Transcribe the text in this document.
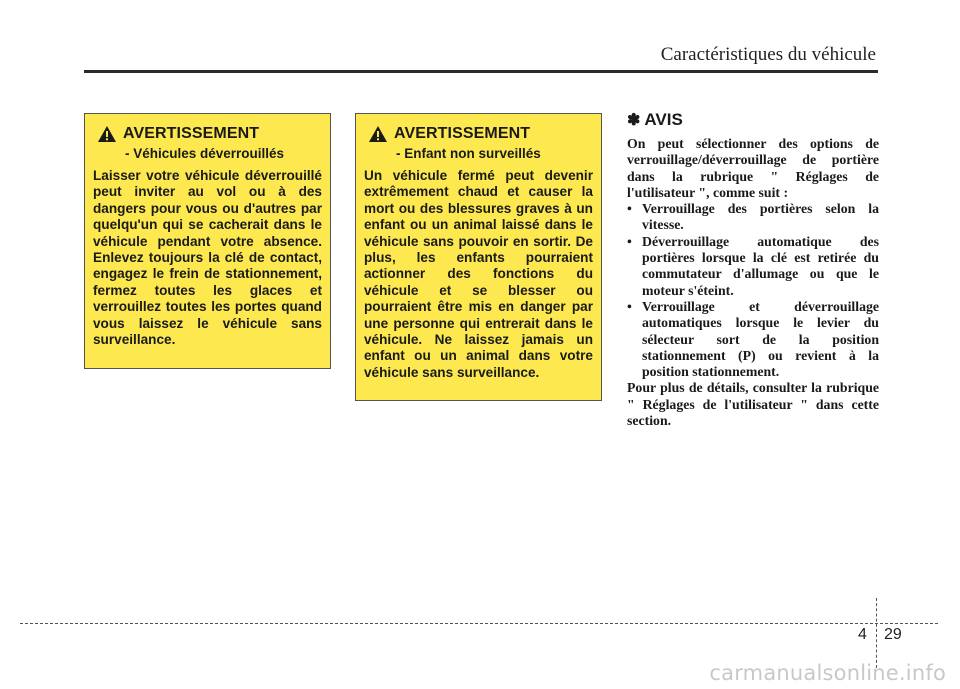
Caractéristiques du véhicule
AVERTISSEMENT
- Véhicules déverrouillés
Laisser votre véhicule déverrouillé peut inviter au vol ou à des dangers pour vous ou d'autres par quelqu'un qui se cacherait dans le véhicule pendant votre absence. Enlevez toujours la clé de contact, engagez le frein de stationnement, fermez toutes les glaces et verrouillez toutes les portes quand vous laissez le véhicule sans surveillance.
AVERTISSEMENT
- Enfant non surveillés
Un véhicule fermé peut devenir extrêmement chaud et causer la mort ou des blessures graves à un enfant ou un animal laissé dans le véhicule sans pouvoir en sortir. De plus, les enfants pourraient actionner des fonctions du véhicule et se blesser ou pourraient être mis en danger par une personne qui entrerait dans le véhicule. Ne laissez jamais un enfant ou un animal dans votre véhicule sans surveillance.
✽ AVIS

On peut sélectionner des options de verrouillage/déverrouillage de portière dans la rubrique " Réglages de l'utilisateur ", comme suit :

• Verrouillage des portières selon la vitesse.
• Déverrouillage automatique des portières lorsque la clé est retirée du commutateur d'allumage ou que le moteur s'éteint.
• Verrouillage et déverrouillage automatiques lorsque le levier du sélecteur sort de la position stationnement (P) ou revient à la position stationnement.

Pour plus de détails, consulter la rubrique " Réglages de l'utilisateur " dans cette section.

4 29
carmanualsonline.info
